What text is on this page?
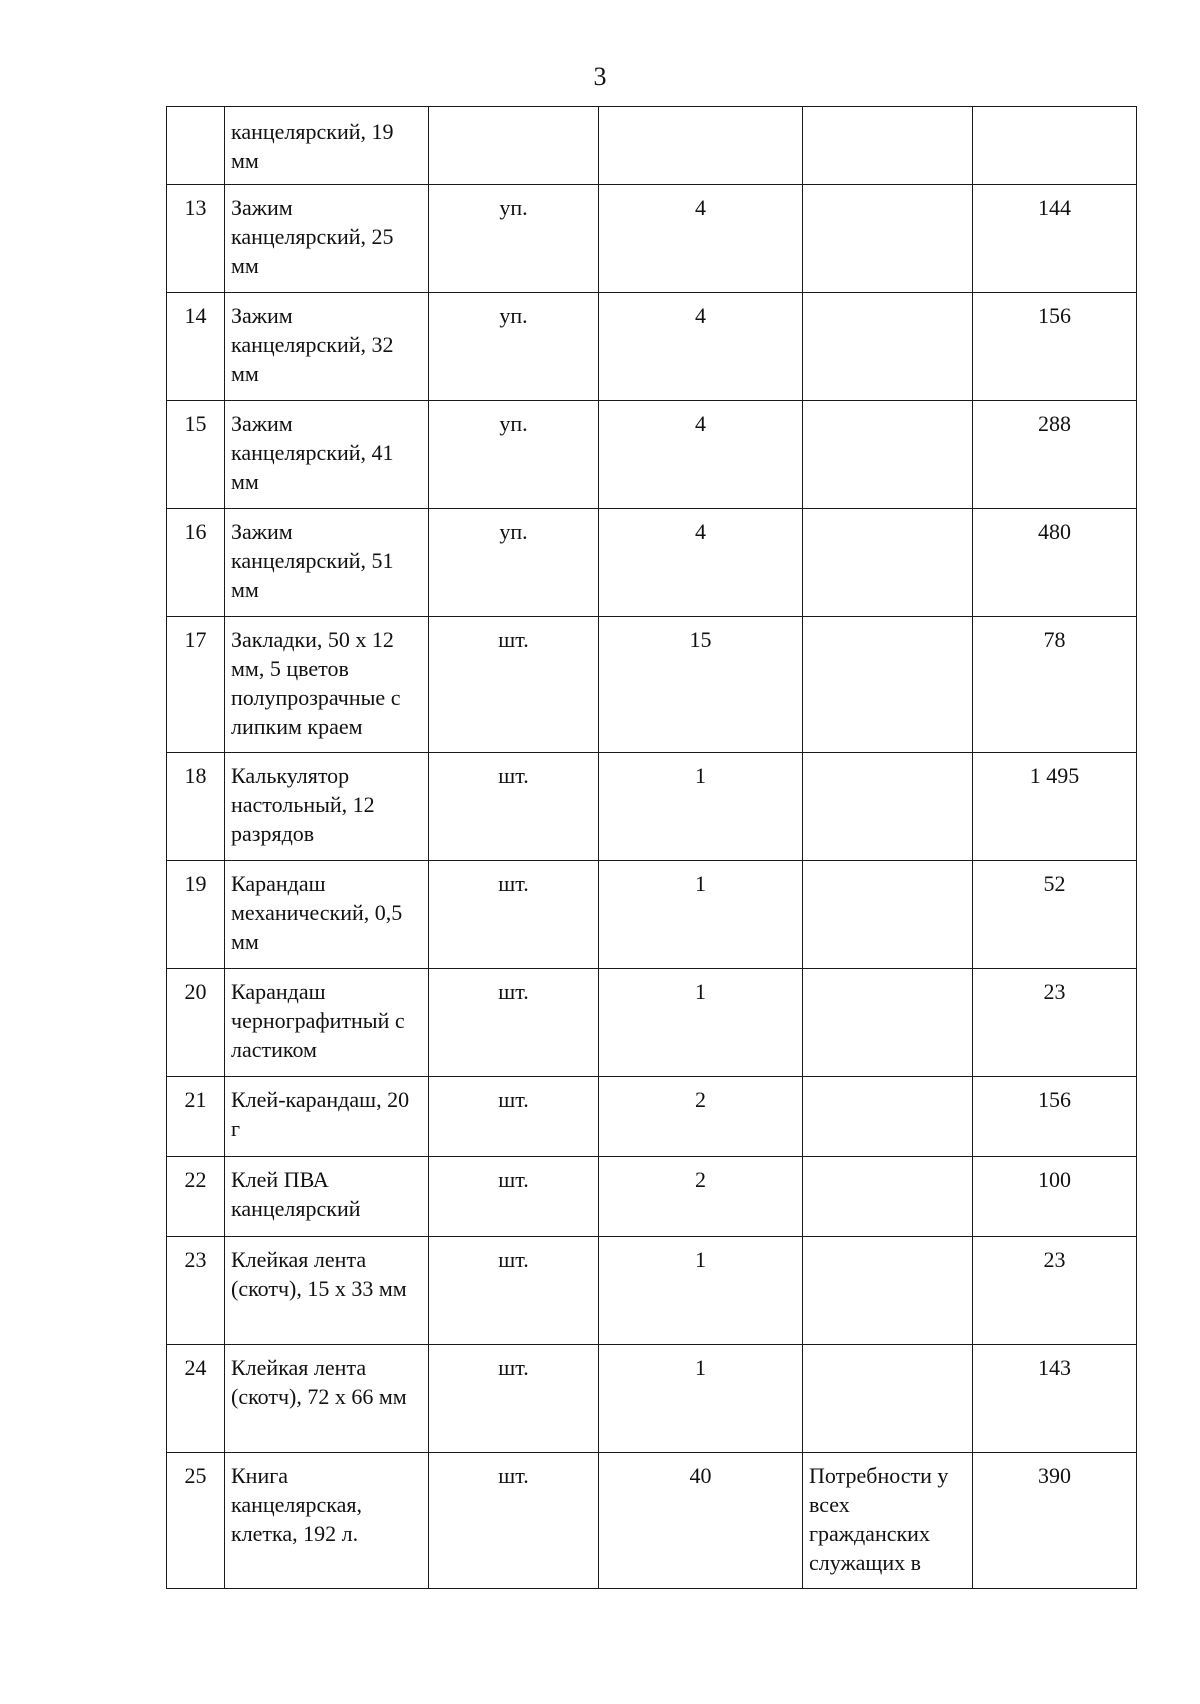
3
	канцелярский, 19 мм				
13	Зажим канцелярский, 25 мм	уп.	4		144
14	Зажим канцелярский, 32 мм	уп.	4		156
15	Зажим канцелярский, 41 мм	уп.	4		288
16	Зажим канцелярский, 51 мм	уп.	4		480
17	Закладки, 50 х 12 мм, 5 цветов полупрозрачные с липким краем	шт.	15		78
18	Калькулятор настольный, 12 разрядов	шт.	1		1 495
19	Карандаш механический, 0,5 мм	шт.	1		52
20	Карандаш чернографитный с ластиком	шт.	1		23
21	Клей-карандаш, 20 г	шт.	2		156
22	Клей ПВА канцелярский	шт.	2		100
23	Клейкая лента (скотч), 15 х 33 мм	шт.	1		23
24	Клейкая лента (скотч), 72 х 66 мм	шт.	1		143
25	Книга канцелярская, клетка, 192 л.	шт.	40	Потребности у всех гражданских служащих в	390
